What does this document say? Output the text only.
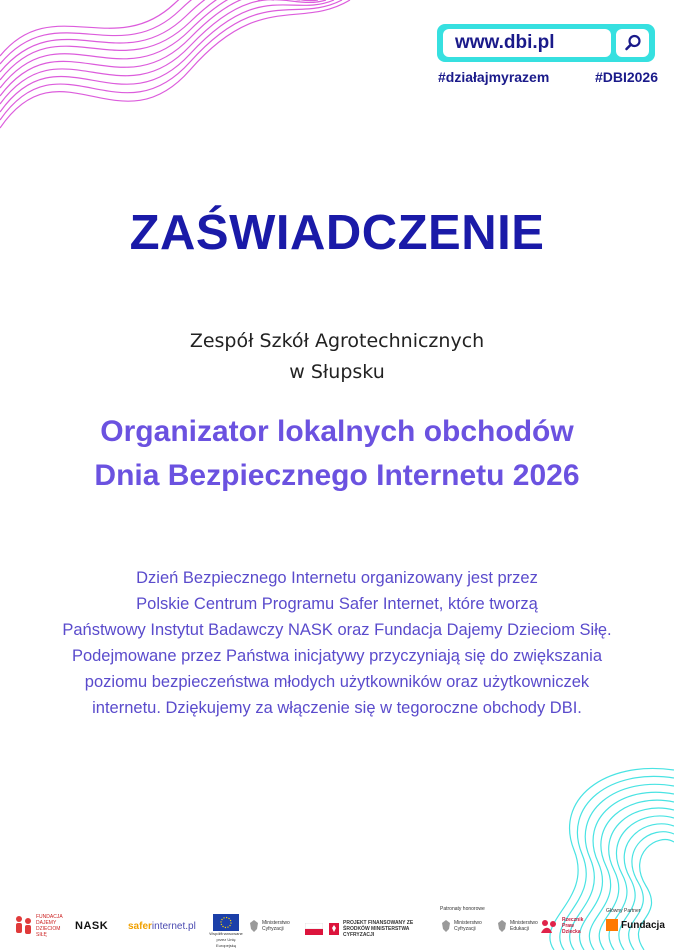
www.dbi.pl
#działajmyrazem	#DBI2026
ZAŚWIADCZENIE
Zespół Szkół Agrotechnicznych
w Słupsku
Organizator lokalnych obchodów
Dnia Bezpiecznego Internetu 2026
Dzień Bezpiecznego Internetu organizowany jest przez
Polskie Centrum Programu Safer Internet, które tworzą
Państwowy Instytut Badawczy NASK oraz Fundacja Dajemy Dzieciom Siłę.
Podejmowane przez Państwa inicjatywy przyczyniają się do zwiększania
poziomu bezpieczeństwa młodych użytkowników oraz użytkowniczek
internetu. Dziękujemy za włączenie się w tegoroczne obchody DBI.
FUNDACJA DAJEMY DZIECIOM SIŁĘ
NASK safer internet.pl
Współfinansowane przez Unię Europejską
Ministerstwo Cyfryzacji
PROJEKT FINANSOWANY ZE ŚRODKÓW MINISTERSTWA CYFRYZACJI
Patronaty honorowe
Ministerstwo Cyfryzacji
Ministerstwo Edukacji
Rzecznik Praw Dziecka
Główny Partner
Fundacja
